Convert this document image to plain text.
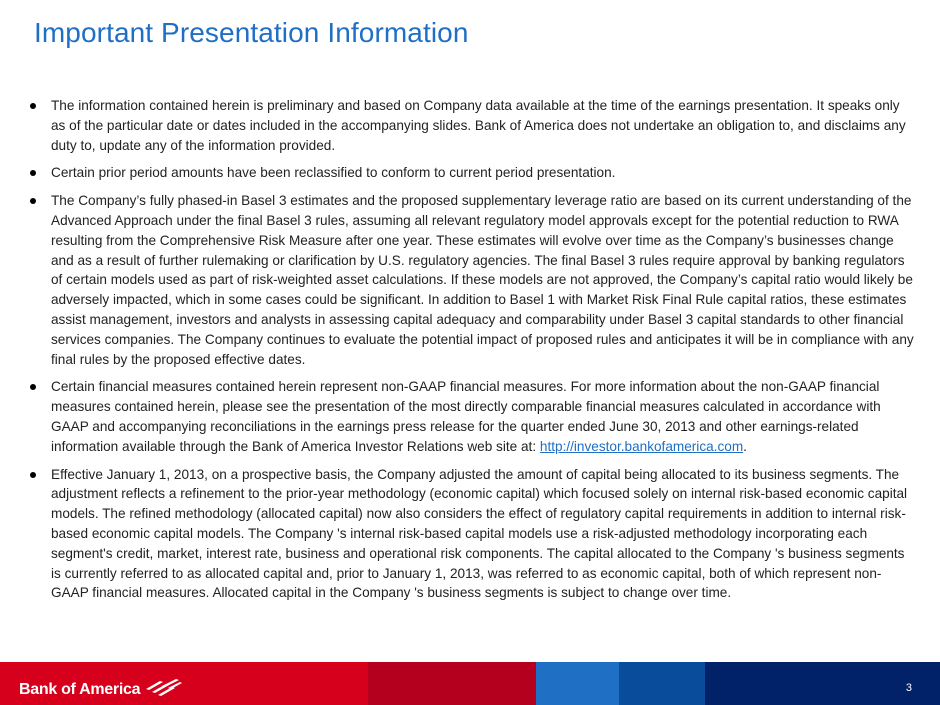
Important Presentation Information
The information contained herein is preliminary and based on Company data available at the time of the earnings presentation. It speaks only as of the particular date or dates included in the accompanying slides. Bank of America does not undertake an obligation to, and disclaims any duty to, update any of the information provided.
Certain prior period amounts have been reclassified to conform to current period presentation.
The Company’s fully phased-in Basel 3 estimates and the proposed supplementary leverage ratio are based on its current understanding of the Advanced Approach under the final Basel 3 rules, assuming all relevant regulatory model approvals except for the potential reduction to RWA resulting from the Comprehensive Risk Measure after one year. These estimates will evolve over time as the Company’s businesses change and as a result of further rulemaking or clarification by U.S. regulatory agencies. The final Basel 3 rules require approval by banking regulators of certain models used as part of risk-weighted asset calculations. If these models are not approved, the Company’s capital ratio would likely be adversely impacted, which in some cases could be significant. In addition to Basel 1 with Market Risk Final Rule capital ratios, these estimates assist management, investors and analysts in assessing capital adequacy and comparability under Basel 3 capital standards to other financial services companies. The Company continues to evaluate the potential impact of proposed rules and anticipates it will be in compliance with any final rules by the proposed effective dates.
Certain financial measures contained herein represent non-GAAP financial measures. For more information about the non-GAAP financial measures contained herein, please see the presentation of the most directly comparable financial measures calculated in accordance with GAAP and accompanying reconciliations in the earnings press release for the quarter ended June 30, 2013 and other earnings-related information available through the Bank of America Investor Relations web site at: http://investor.bankofamerica.com.
Effective January 1, 2013, on a prospective basis, the Company adjusted the amount of capital being allocated to its business segments. The adjustment reflects a refinement to the prior-year methodology (economic capital) which focused solely on internal risk-based economic capital models. The refined methodology (allocated capital) now also considers the effect of regulatory capital requirements in addition to internal risk-based economic capital models. The Company 's internal risk-based capital models use a risk-adjusted methodology incorporating each segment's credit, market, interest rate, business and operational risk components. The capital allocated to the Company 's business segments is currently referred to as allocated capital and, prior to January 1, 2013, was referred to as economic capital, both of which represent non-GAAP financial measures. Allocated capital in the Company 's business segments is subject to change over time.
Bank of America	3
